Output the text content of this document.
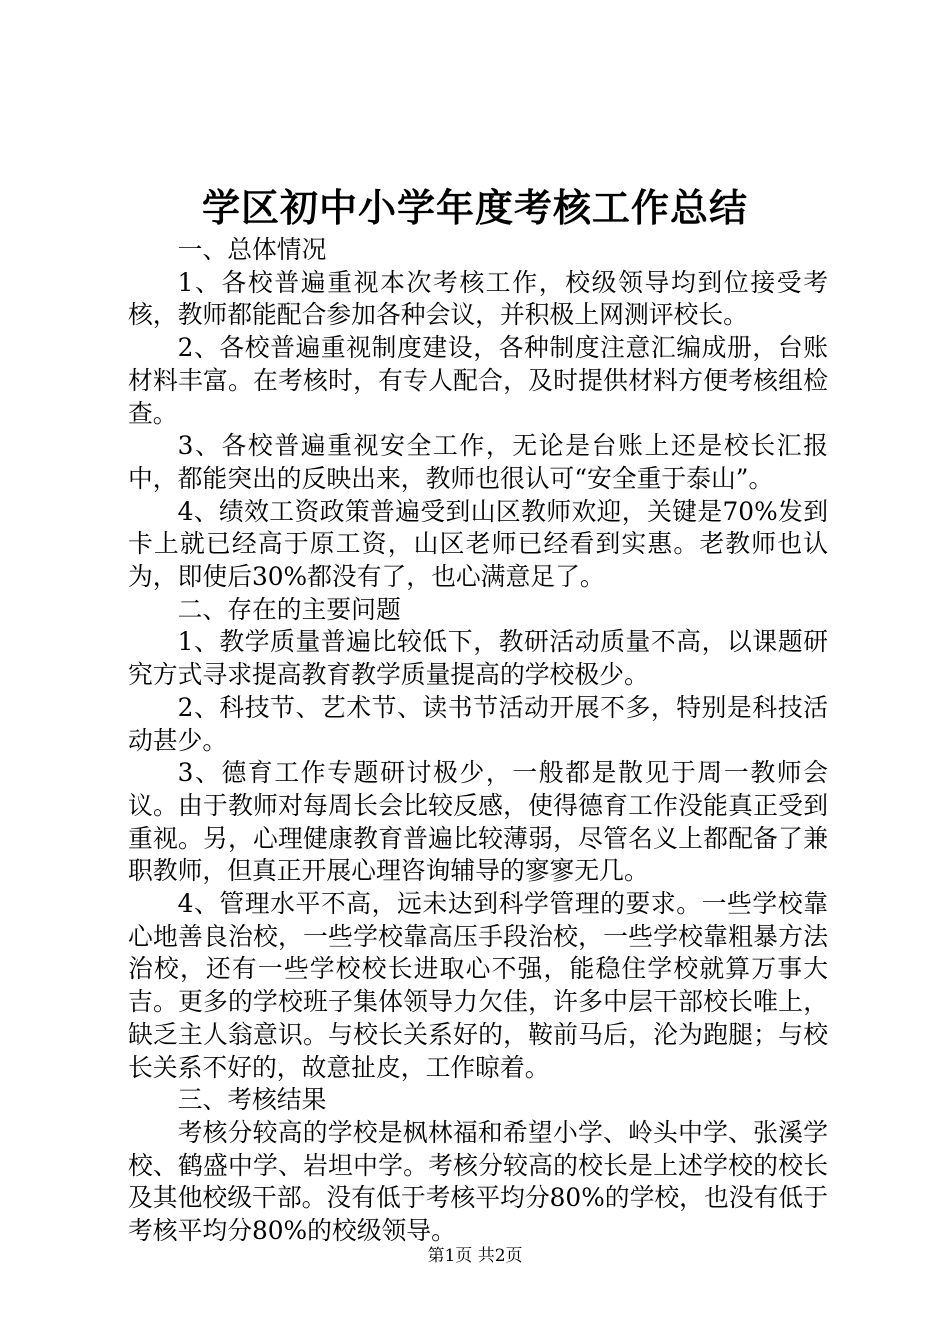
学区初中小学年度考核工作总结

一、总体情况

1、各校普遍重视本次考核工作，校级领导均到位接受考核，教师都能配合参加各种会议，并积极上网测评校长。

2、各校普遍重视制度建设，各种制度注意汇编成册，台账材料丰富。在考核时，有专人配合，及时提供材料方便考核组检查。

3、各校普遍重视安全工作，无论是台账上还是校长汇报中，都能突出的反映出来，教师也很认可“安全重于泰山”。

4、绩效工资政策普遍受到山区教师欢迎，关键是70%发到卡上就已经高于原工资，山区老师已经看到实惠。老教师也认为，即使后30%都没有了，也心满意足了。

二、存在的主要问题

1、教学质量普遍比较低下，教研活动质量不高，以课题研究方式寻求提高教育教学质量提高的学校极少。

2、科技节、艺术节、读书节活动开展不多，特别是科技活动甚少。

3、德育工作专题研讨极少，一般都是散见于周一教师会议。由于教师对每周长会比较反感，使得德育工作没能真正受到重视。另，心理健康教育普遍比较薄弱，尽管名义上都配备了兼职教师，但真正开展心理咨询辅导的寥寥无几。

4、管理水平不高，远未达到科学管理的要求。一些学校靠心地善良治校，一些学校靠高压手段治校，一些学校靠粗暴方法治校，还有一些学校校长进取心不强，能稳住学校就算万事大吉。更多的学校班子集体领导力欠佳，许多中层干部校长唯上，缺乏主人翁意识。与校长关系好的，鞍前马后，沦为跑腿；与校长关系不好的，故意扯皮，工作晾着。

三、考核结果

考核分较高的学校是枫林福和希望小学、岭头中学、张溪学校、鹤盛中学、岩坦中学。考核分较高的校长是上述学校的校长及其他校级干部。没有低于考核平均分80%的学校，也没有低于考核平均分80%的校级领导。

第1页 共2页
